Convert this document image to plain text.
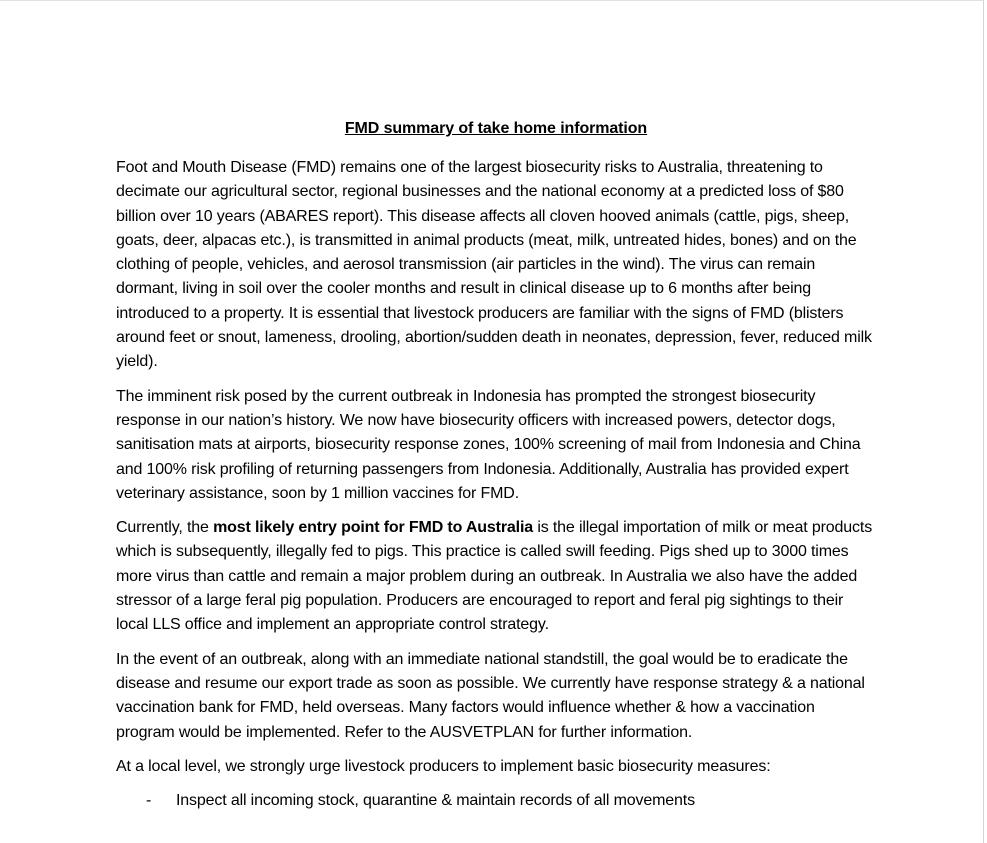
FMD summary of take home information

Foot and Mouth Disease (FMD) remains one of the largest biosecurity risks to Australia, threatening to decimate our agricultural sector, regional businesses and the national economy at a predicted loss of $80 billion over 10 years (ABARES report). This disease affects all cloven hooved animals (cattle, pigs, sheep, goats, deer, alpacas etc.), is transmitted in animal products (meat, milk, untreated hides, bones) and on the clothing of people, vehicles, and aerosol transmission (air particles in the wind). The virus can remain dormant, living in soil over the cooler months and result in clinical disease up to 6 months after being introduced to a property. It is essential that livestock producers are familiar with the signs of FMD (blisters around feet or snout, lameness, drooling, abortion/sudden death in neonates, depression, fever, reduced milk yield).

The imminent risk posed by the current outbreak in Indonesia has prompted the strongest biosecurity response in our nation’s history. We now have biosecurity officers with increased powers, detector dogs, sanitisation mats at airports, biosecurity response zones, 100% screening of mail from Indonesia and China and 100% risk profiling of returning passengers from Indonesia. Additionally, Australia has provided expert veterinary assistance, soon by 1 million vaccines for FMD.

Currently, the most likely entry point for FMD to Australia is the illegal importation of milk or meat products which is subsequently, illegally fed to pigs. This practice is called swill feeding. Pigs shed up to 3000 times more virus than cattle and remain a major problem during an outbreak. In Australia we also have the added stressor of a large feral pig population. Producers are encouraged to report and feral pig sightings to their local LLS office and implement an appropriate control strategy.

In the event of an outbreak, along with an immediate national standstill, the goal would be to eradicate the disease and resume our export trade as soon as possible. We currently have response strategy & a national vaccination bank for FMD, held overseas. Many factors would influence whether & how a vaccination program would be implemented. Refer to the AUSVETPLAN for further information.

At a local level, we strongly urge livestock producers to implement basic biosecurity measures:

- Inspect all incoming stock, quarantine & maintain records of all movements
